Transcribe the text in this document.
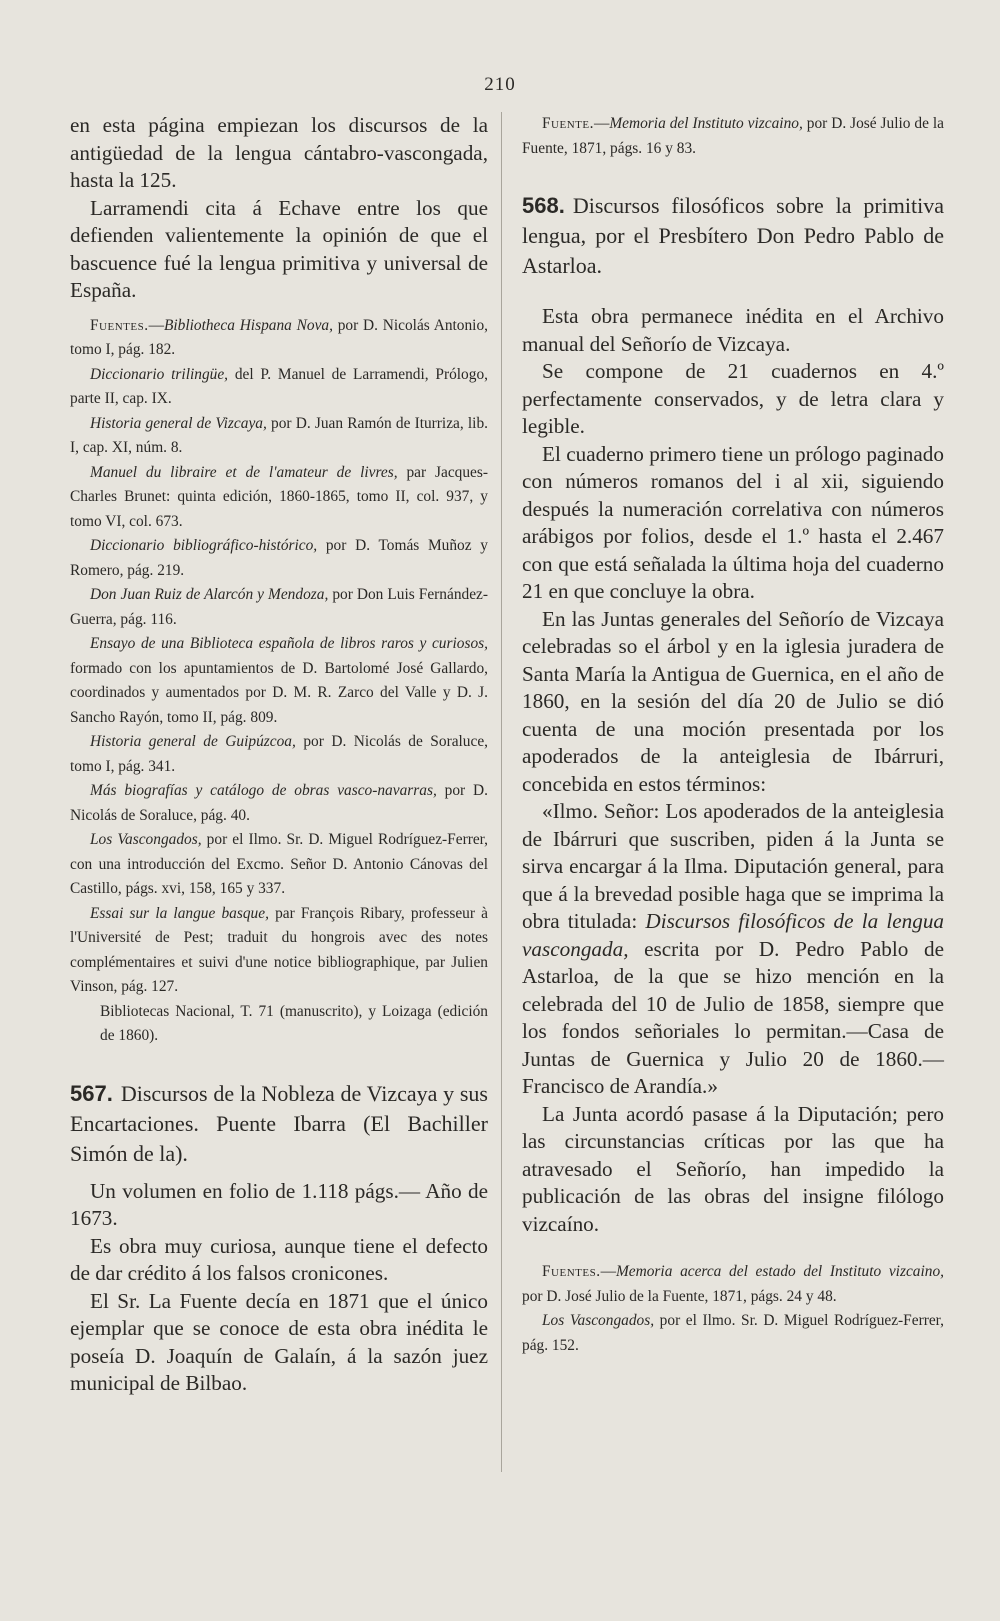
210

en esta página empiezan los discursos de la antigüedad de la lengua cántabro-vascongada, hasta la 125.

Larramendi cita á Echave entre los que defienden valientemente la opinión de que el bascuence fué la lengua primitiva y universal de España.

Fuentes.—Bibliotheca Hispana Nova, por D. Nicolás Antonio, tomo I, pág. 182.

Diccionario trilingüe, del P. Manuel de Larramendi, Prólogo, parte II, cap. IX.

Historia general de Vizcaya, por D. Juan Ramón de Iturriza, lib. I, cap. XI, núm. 8.

Manuel du libraire et de l'amateur de livres, par Jacques-Charles Brunet: quinta edición, 1860-1865, tomo II, col. 937, y tomo VI, col. 673.

Diccionario bibliográfico-histórico, por D. Tomás Muñoz y Romero, pág. 219.

Don Juan Ruiz de Alarcón y Mendoza, por Don Luis Fernández-Guerra, pág. 116.

Ensayo de una Biblioteca española de libros raros y curiosos, formado con los apuntamientos de D. Bartolomé José Gallardo, coordinados y aumentados por D. M. R. Zarco del Valle y D. J. Sancho Rayón, tomo II, pág. 809.

Historia general de Guipúzcoa, por D. Nicolás de Soraluce, tomo I, pág. 341.

Más biografías y catálogo de obras vasco-navarras, por D. Nicolás de Soraluce, pág. 40.

Los Vascongados, por el Ilmo. Sr. D. Miguel Rodríguez-Ferrer, con una introducción del Excmo. Señor D. Antonio Cánovas del Castillo, págs. xvi, 158, 165 y 337.

Essai sur la langue basque, par François Ribary, professeur à l'Université de Pest; traduit du hongrois avec des notes complémentaires et suivi d'une notice bibliographique, par Julien Vinson, pág. 127.

Bibliotecas Nacional, T. 71 (manuscrito), y Loizaga (edición de 1860).

567. Discursos de la Nobleza de Vizcaya y sus Encartaciones. Puente Ibarra (El Bachiller Simón de la).

Un volumen en folio de 1.118 págs.— Año de 1673.

Es obra muy curiosa, aunque tiene el defecto de dar crédito á los falsos cronicones.

El Sr. La Fuente decía en 1871 que el único ejemplar que se conoce de esta obra inédita le poseía D. Joaquín de Galaín, á la sazón juez municipal de Bilbao.

Fuente.—Memoria del Instituto vizcaino, por D. José Julio de la Fuente, 1871, págs. 16 y 83.

568. Discursos filosóficos sobre la primitiva lengua, por el Presbítero Don Pedro Pablo de Astarloa.

Esta obra permanece inédita en el Archivo manual del Señorío de Vizcaya.

Se compone de 21 cuadernos en 4.º perfectamente conservados, y de letra clara y legible.

El cuaderno primero tiene un prólogo paginado con números romanos del i al xii, siguiendo después la numeración correlativa con números arábigos por folios, desde el 1.º hasta el 2.467 con que está señalada la última hoja del cuaderno 21 en que concluye la obra.

En las Juntas generales del Señorío de Vizcaya celebradas so el árbol y en la iglesia juradera de Santa María la Antigua de Guernica, en el año de 1860, en la sesión del día 20 de Julio se dió cuenta de una moción presentada por los apoderados de la anteiglesia de Ibárruri, concebida en estos términos:

«Ilmo. Señor: Los apoderados de la anteiglesia de Ibárruri que suscriben, piden á la Junta se sirva encargar á la Ilma. Diputación general, para que á la brevedad posible haga que se imprima la obra titulada: Discursos filosóficos de la lengua vascongada, escrita por D. Pedro Pablo de Astarloa, de la que se hizo mención en la celebrada del 10 de Julio de 1858, siempre que los fondos señoriales lo permitan.—Casa de Juntas de Guernica y Julio 20 de 1860.— Francisco de Arandía.»

La Junta acordó pasase á la Diputación; pero las circunstancias críticas por las que ha atravesado el Señorío, han impedido la publicación de las obras del insigne filólogo vizcaíno.

Fuentes.—Memoria acerca del estado del Instituto vizcaino, por D. José Julio de la Fuente, 1871, págs. 24 y 48.

Los Vascongados, por el Ilmo. Sr. D. Miguel Rodríguez-Ferrer, pág. 152.
